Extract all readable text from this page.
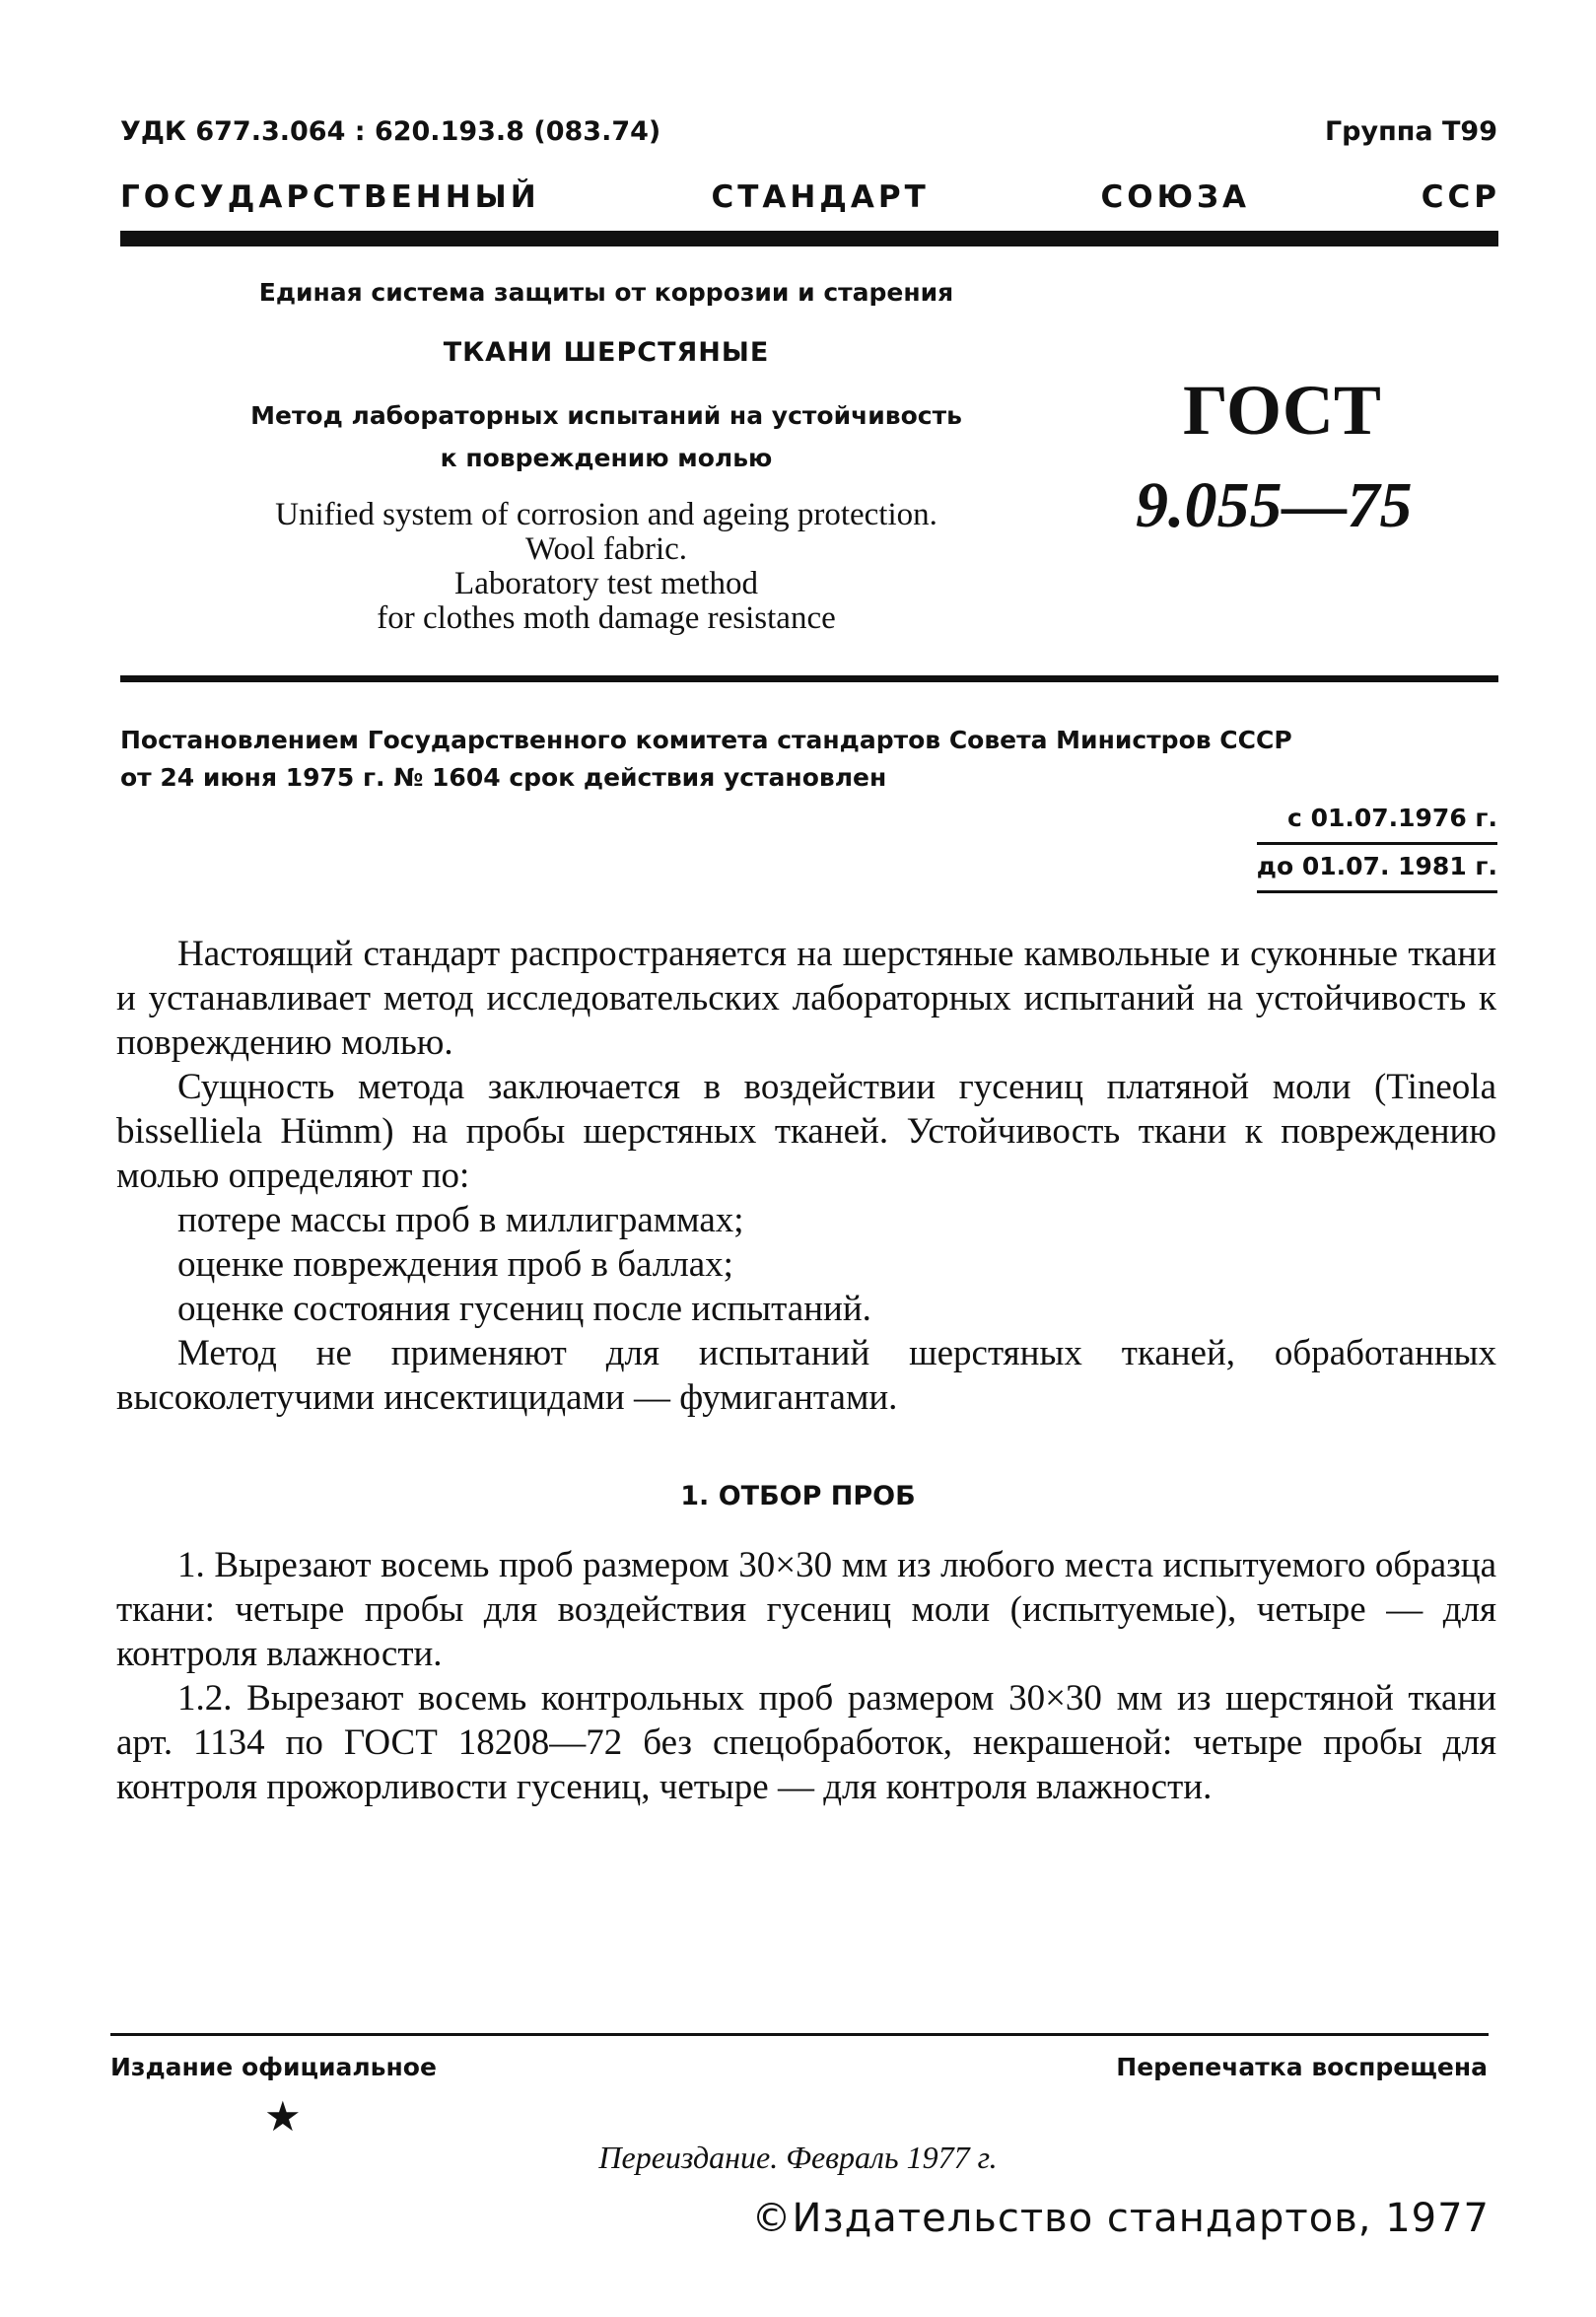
УДК 677.3.064 : 620.193.8 (083.74)	Группа Т99
ГОСУДАРСТВЕННЫЙ	СТАНДАРТ	СОЮЗА	ССР
Единая система защиты от коррозии и старения
ТКАНИ ШЕРСТЯНЫЕ
Метод лабораторных испытаний на устойчивость
к повреждению молью
Unified system of corrosion and ageing protection.
Wool fabric.
Laboratory test method
for clothes moth damage resistance
ГОСТ
9.055—75
Постановлением Государственного комитета стандартов Совета Министров СССР
от 24 июня 1975 г. № 1604 срок действия установлен
с 01.07.1976 г.
до 01.07. 1981 г.

Настоящий стандарт распространяется на шерстяные камвольные и суконные ткани и устанавливает метод исследовательских лабораторных испытаний на устойчивость к повреждению молью.

Сущность метода заключается в воздействии гусениц платяной моли (Tineola bisselliela Hümm) на пробы шерстяных тканей. Устойчивость ткани к повреждению молью определяют по:

потере массы проб в миллиграммах;

оценке повреждения проб в баллах;

оценке состояния гусениц после испытаний.

Метод не применяют для испытаний шерстяных тканей, обработанных высоколетучими инсектицидами — фумигантами.

1. ОТБОР ПРОБ

1. Вырезают восемь проб размером 30×30 мм из любого места испытуемого образца ткани: четыре пробы для воздействия гусениц моли (испытуемые), четыре — для контроля влажности.

1.2. Вырезают восемь контрольных проб размером 30×30 мм из шерстяной ткани арт. 1134 по ГОСТ 18208—72 без спецобработок, некрашеной: четыре пробы для контроля прожорливости гусениц, четыре — для контроля влажности.

Издание официальное	Перепечатка воспрещена
★
Переиздание. Февраль 1977 г.
©Издательство стандартов, 1977
